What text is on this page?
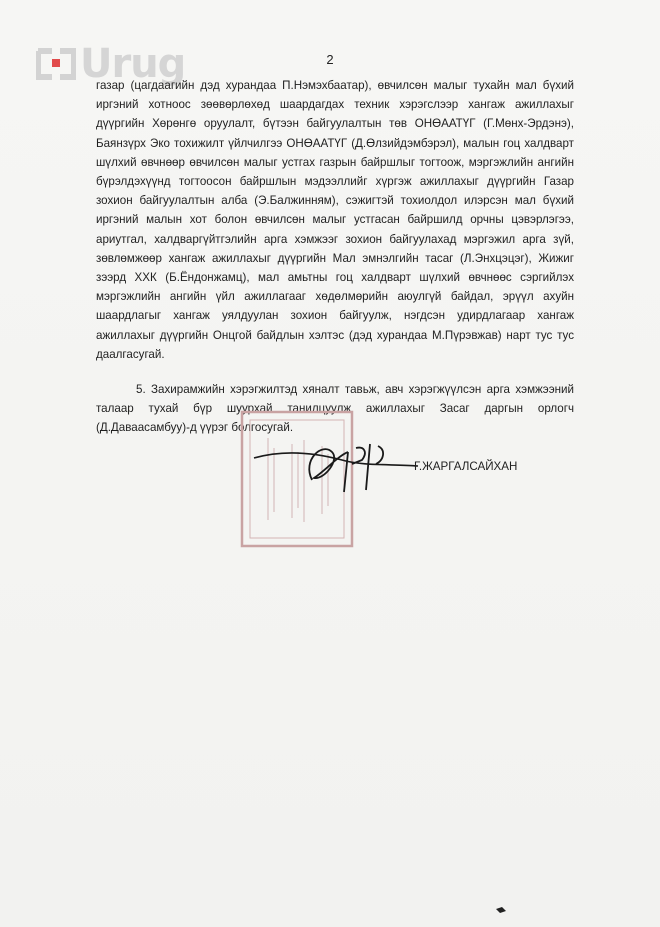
Urug	2

газар (цагдаагийн дэд хурандаа П.Нэмэхбаатар), өвчилсөн малыг тухайн мал бүхий иргэний хотноос зөөвөрлөхөд шаардагдах техник хэрэгслээр хангаж ажиллахыг дүүргийн Хөрөнгө оруулалт, бүтээн байгуулалтын төв ОНӨААТҮГ (Г.Мөнх-Эрдэнэ), Баянзүрх Эко тохижилт үйлчилгээ ОНӨААТҮГ (Д.Өлзийдэмбэрэл), малын гоц халдварт шүлхий өвчнөөр өвчилсөн малыг устгах газрын байршлыг тогтоож, мэргэжлийн ангийн бүрэлдэхүүнд тогтоосон байршлын мэдээллийг хүргэж ажиллахыг дүүргийн Газар зохион байгуулалтын алба (Э.Балжинням), сэжигтэй тохиолдол илэрсэн мал бүхий иргэний малын хот болон өвчилсөн малыг устгасан байршилд орчны цэвэрлэгээ, ариутгал, халдваргүйтгэлийн арга хэмжээг зохион байгуулахад мэргэжил арга зүй, зөвлөмжөөр хангаж ажиллахыг дүүргийн Мал эмнэлгийн тасаг (Л.Энхцэцэг), Жижиг зээрд ХХК (Б.Ёндонжамц), мал амьтны гоц халдварт шүлхий өвчнөөс сэргийлэх мэргэжлийн ангийн үйл ажиллагааг хөдөлмөрийн аюулгүй байдал, эрүүл ахуйн шаардлагыг хангаж уялдуулан зохион байгуулж, нэгдсэн удирдлагаар хангаж ажиллахыг дүүргийн Онцгой байдлын хэлтэс (дэд хурандаа М.Пүрэвжав) нарт тус тус даалгасугай.

5. Захирамжийн хэрэгжилтэд хяналт тавьж, авч хэрэгжүүлсэн арга хэмжээний талаар тухай бүр шуурхай танилцуулж ажиллахыг Засаг даргын орлогч (Д.Даваасамбуу)-д үүрэг болгосугай.

Г.ЖАРГАЛСАЙХАН
